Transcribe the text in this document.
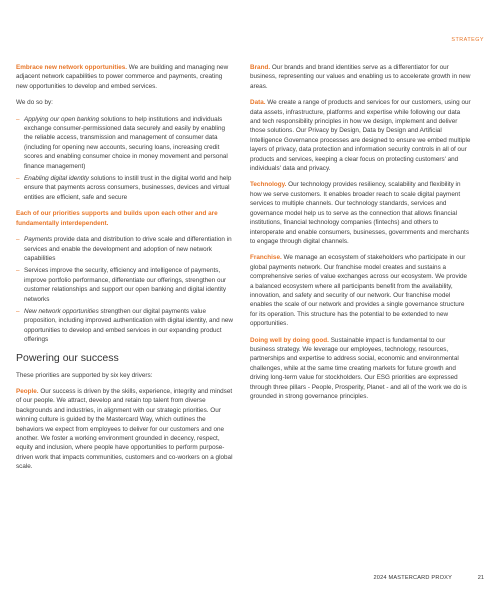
STRATEGY

Embrace new network opportunities. We are building and managing new adjacent network capabilities to power commerce and payments, creating new opportunities to develop and embed services.

We do so by:

– Applying our open banking solutions to help institutions and individuals exchange consumer-permissioned data securely and easily by enabling the reliable access, transmission and management of consumer data (including for opening new accounts, securing loans, increasing credit scores and enabling consumer choice in money movement and personal finance management)
– Enabling digital identity solutions to instill trust in the digital world and help ensure that payments across consumers, businesses, devices and virtual entities are efficient, safe and secure
Each of our priorities supports and builds upon each other and are fundamentally interdependent.
– Payments provide data and distribution to drive scale and differentiation in services and enable the development and adoption of new network capabilities
– Services improve the security, efficiency and intelligence of payments, improve portfolio performance, differentiate our offerings, strengthen our customer relationships and support our open banking and digital identity networks
– New network opportunities strengthen our digital payments value proposition, including improved authentication with digital identity, and new opportunities to develop and embed services in our expanding product offerings
Powering our success

These priorities are supported by six key drivers:

People. Our success is driven by the skills, experience, integrity and mindset of our people. We attract, develop and retain top talent from diverse backgrounds and industries, in alignment with our strategic priorities. Our winning culture is guided by the Mastercard Way, which outlines the behaviors we expect from employees to deliver for our customers and one another. We foster a working environment grounded in decency, respect, equity and inclusion, where people have opportunities to perform purpose-driven work that impacts communities, customers and co-workers on a global scale.

Brand. Our brands and brand identities serve as a differentiator for our business, representing our values and enabling us to accelerate growth in new areas.

Data. We create a range of products and services for our customers, using our data assets, infrastructure, platforms and expertise while following our data and tech responsibility principles in how we design, implement and deliver those solutions. Our Privacy by Design, Data by Design and Artificial Intelligence Governance processes are designed to ensure we embed multiple layers of privacy, data protection and information security controls in all of our products and services, keeping a clear focus on protecting customers' and individuals' data and privacy.

Technology. Our technology provides resiliency, scalability and flexibility in how we serve customers. It enables broader reach to scale digital payment services to multiple channels. Our technology standards, services and governance model help us to serve as the connection that allows financial institutions, financial technology companies (fintechs) and others to interoperate and enable consumers, businesses, governments and merchants to engage through digital channels.

Franchise. We manage an ecosystem of stakeholders who participate in our global payments network. Our franchise model creates and sustains a comprehensive series of value exchanges across our ecosystem. We provide a balanced ecosystem where all participants benefit from the availability, innovation, and safety and security of our network. Our franchise model enables the scale of our network and provides a single governance structure for its operation. This structure has the potential to be extended to new opportunities.

Doing well by doing good. Sustainable impact is fundamental to our business strategy. We leverage our employees, technology, resources, partnerships and expertise to address social, economic and environmental challenges, while at the same time creating markets for future growth and driving long-term value for stockholders. Our ESG priorities are expressed through three pillars - People, Prosperity, Planet - and all of the work we do is grounded in strong governance principles.

2024 MASTERCARD PROXY	21
